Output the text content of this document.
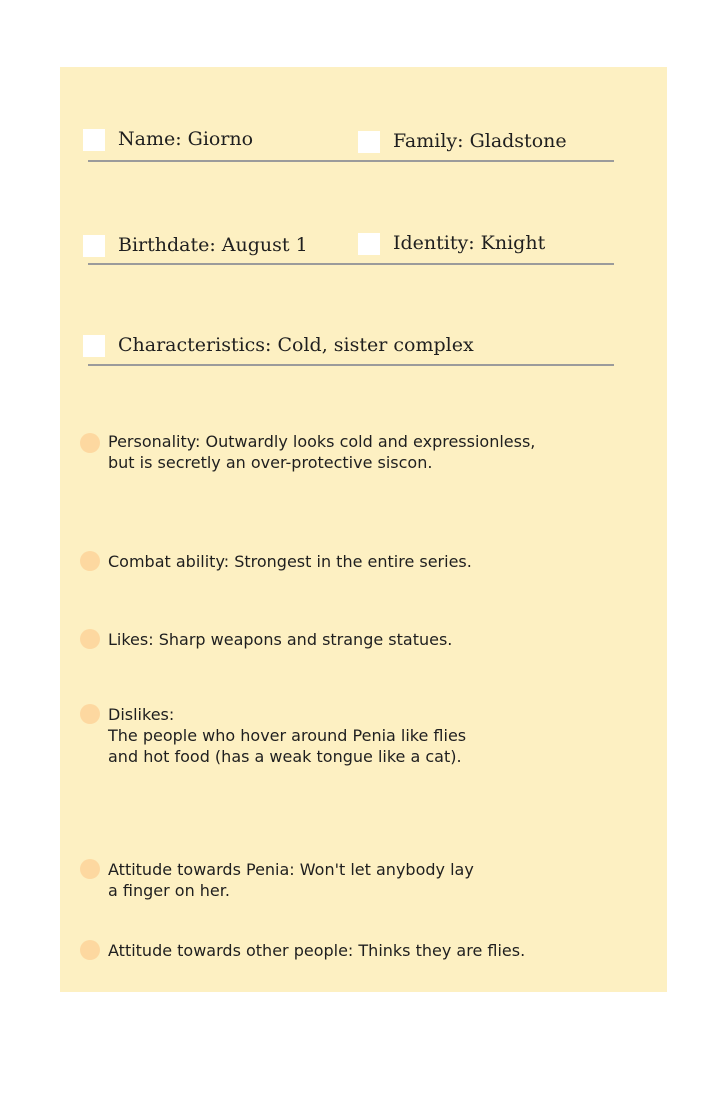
Name: Giorno	Family: Gladstone
Birthdate: August 1	Identity: Knight
Characteristics: Cold, sister complex
Personality: Outwardly looks cold and expressionless,
but is secretly an over-protective siscon.
Combat ability: Strongest in the entire series.
Likes: Sharp weapons and strange statues.
Dislikes:
The people who hover around Penia like flies
and hot food (has a weak tongue like a cat).
Attitude towards Penia: Won't let anybody lay
a finger on her.
Attitude towards other people: Thinks they are flies.
